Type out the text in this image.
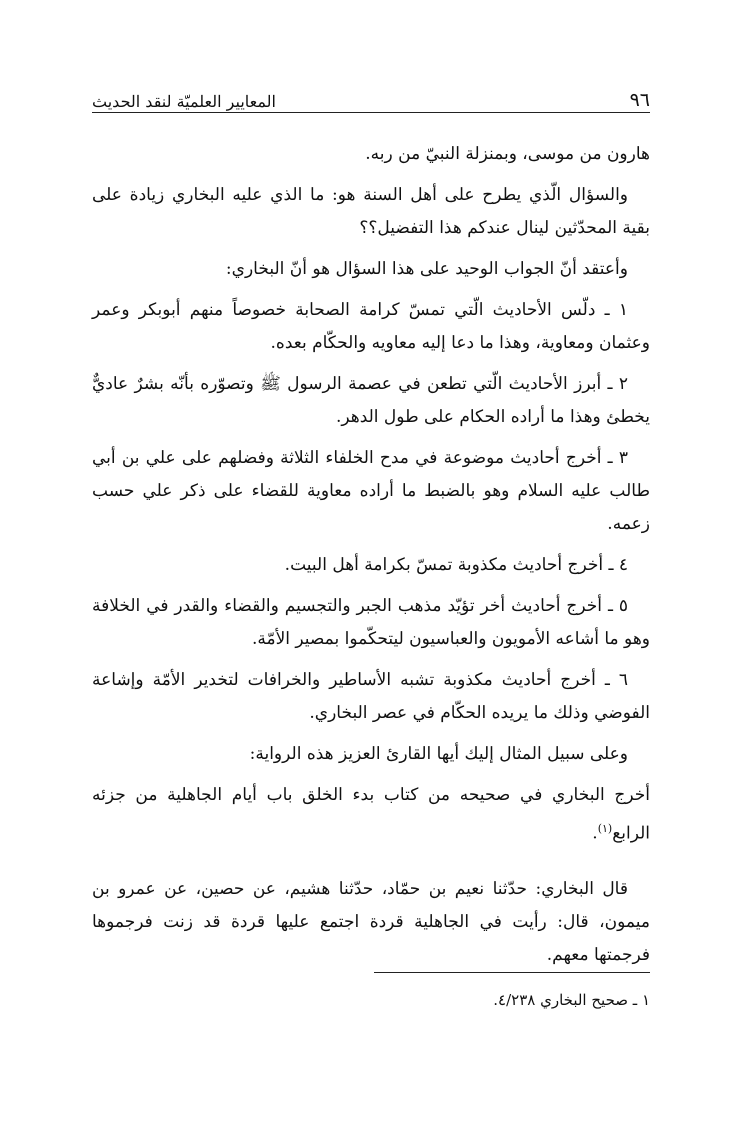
٩٦
المعايير العلميّة لنقد الحديث

هارون من موسى، وبمنزلة النبيّ من ربه.

والسؤال الّذي يطرح على أهل السنة هو: ما الذي عليه البخاري زيادة على بقية المحدّثين لينال عندكم هذا التفضيل؟؟

وأعتقد أنّ الجواب الوحيد على هذا السؤال هو أنّ البخاري:

١ ـ دلّس الأحاديث الّتي تمسّ كرامة الصحابة خصوصاً منهم أبوبكر وعمر وعثمان ومعاوية، وهذا ما دعا إليه معاويه والحكّام بعده.

٢ ـ أبرز الأحاديث الّتي تطعن في عصمة الرسول ﷺ وتصوّره بأنّه بشرٌ عاديٌّ يخطئ وهذا ما أراده الحكام على طول الدهر.

٣ ـ أخرج أحاديث موضوعة في مدح الخلفاء الثلاثة وفضلهم على علي بن أبي طالب عليه السلام وهو بالضبط ما أراده معاوية للقضاء على ذكر علي حسب زعمه.

٤ ـ أخرج أحاديث مكذوبة تمسّ بكرامة أهل البيت.

٥ ـ أخرج أحاديث أخر تؤيّد مذهب الجبر والتجسيم والقضاء والقدر في الخلافة وهو ما أشاعه الأمويون والعباسيون ليتحكّموا بمصير الأمّة.

٦ ـ أخرج أحاديث مكذوبة تشبه الأساطير والخرافات لتخدير الأمّة وإشاعة الفوضي وذلك ما يريده الحكّام في عصر البخاري.

وعلى سبيل المثال إليك أيها القارئ العزيز هذه الرواية:

أخرج البخاري في صحيحه من كتاب بدء الخلق باب أيام الجاهلية من جزئه الرابع$^{(١)}$.

قال البخاري: حدّثنا نعيم بن حمّاد، حدّثنا هشيم، عن حصين، عن عمرو بن ميمون، قال: رأيت في الجاهلية قردة اجتمع عليها قردة قد زنت فرجموها فرجمتها معهم.

١ ـ صحيح البخاري ٤/٢٣٨.
